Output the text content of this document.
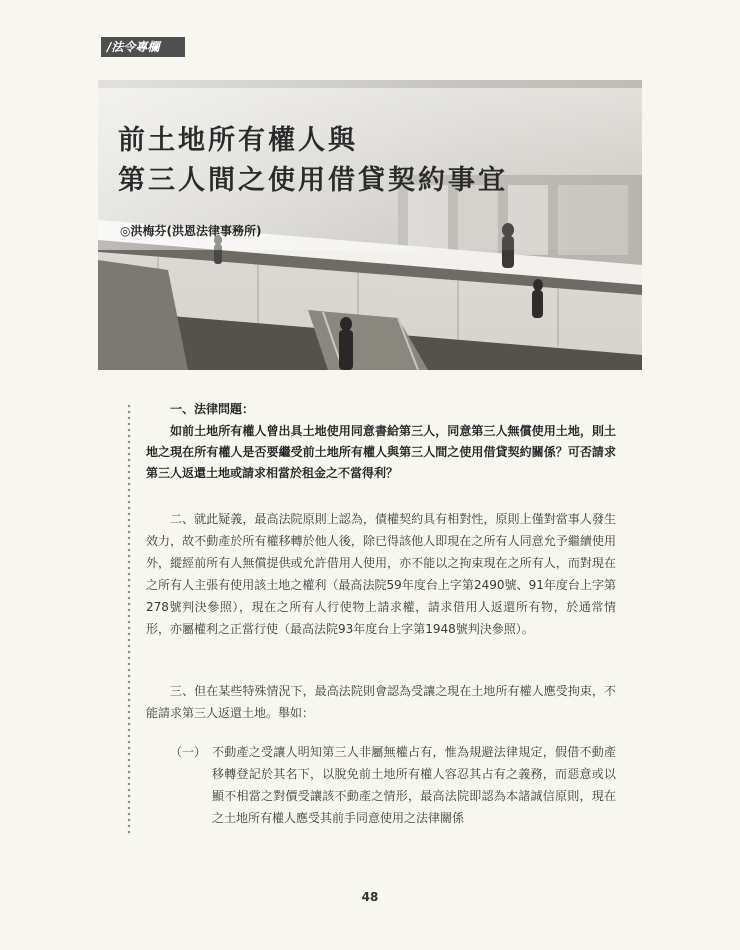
/法令專欄
前土地所有權人與
第三人間之使用借貸契約事宜
◎洪梅芬(洪恩法律事務所)
一、法律問題：
如前土地所有權人曾出具土地使用同意書給第三人，同意第三人無償使用土地，則土地之現在所有權人是否要繼受前土地所有權人與第三人間之使用借貸契約關係？可否請求第三人返還土地或請求相當於租金之不當得利？
二、就此疑義，最高法院原則上認為，債權契約具有相對性，原則上僅對當事人發生效力，故不動產於所有權移轉於他人後，除已得該他人即現在之所有人同意允予繼續使用外，縱經前所有人無償提供或允許借用人使用，亦不能以之拘束現在之所有人，而對現在之所有人主張有使用該土地之權利（最高法院59年度台上字第2490號、91年度台上字第278號判決參照），現在之所有人行使物上請求權，請求借用人返還所有物，於通常情形，亦屬權利之正當行使（最高法院93年度台上字第1948號判決參照）。
三、但在某些特殊情況下，最高法院則會認為受讓之現在土地所有權人應受拘束，不能請求第三人返還土地。舉如：
（一） 不動產之受讓人明知第三人非屬無權占有，惟為規避法律規定，假借不動產移轉登記於其名下，以脫免前土地所有權人容忍其占有之義務，而惡意或以顯不相當之對價受讓該不動產之情形，最高法院即認為本諸誠信原則，現在之土地所有權人應受其前手同意使用之法律關係
48
